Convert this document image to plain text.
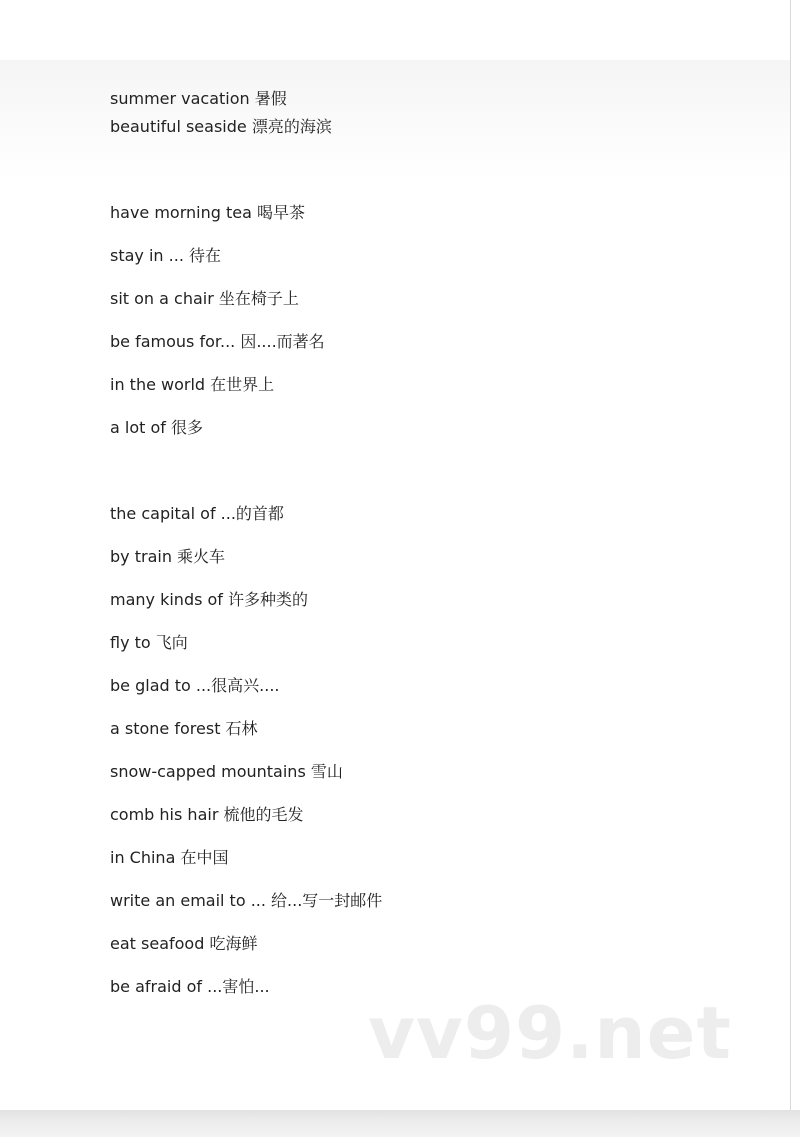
summer vacation 暑假
beautiful seaside 漂亮的海滨
have morning tea 喝早茶
stay in ... 待在
sit on a chair 坐在椅子上
be famous for... 因....而著名
in the world 在世界上
a lot of 很多
the capital of ...的首都
by train 乘火车
many kinds of 许多种类的
fly to 飞向
be glad to ...很高兴....
a stone forest 石林
snow-capped mountains 雪山
comb his hair 梳他的毛发
in China 在中国
write an email to ... 给...写一封邮件
eat seafood 吃海鲜
be afraid of ...害怕...
vv99.net
